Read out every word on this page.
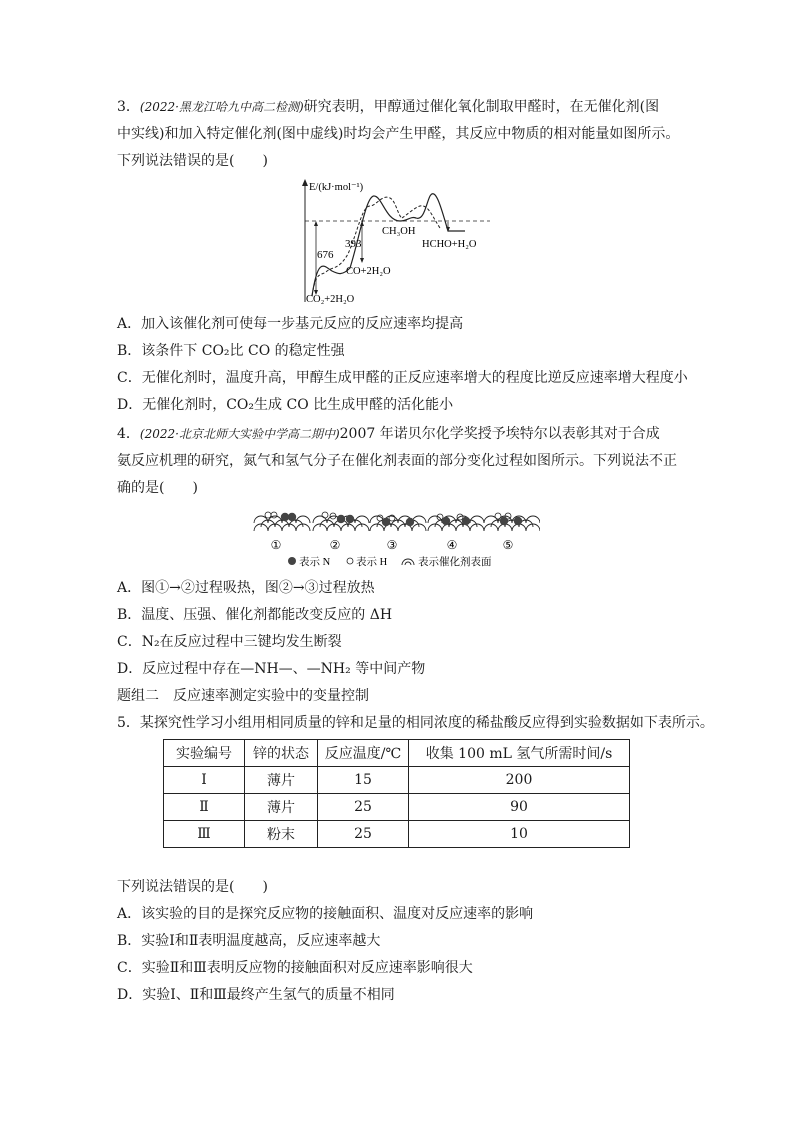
3．(2022·黑龙江哈九中高二检测)研究表明，甲醇通过催化氧化制取甲醛时，在无催化剂(图
中实线)和加入特定催化剂(图中虚线)时均会产生甲醛，其反应中物质的相对能量如图所示。
下列说法错误的是(　　)
E/(kJ·mol⁻¹)
676
393
CO+2H₂O
CO₂+2H₂O
CH₃OH
HCHO+H₂O
A．加入该催化剂可使每一步基元反应的反应速率均提高
B．该条件下 CO₂比 CO 的稳定性强
C．无催化剂时，温度升高，甲醇生成甲醛的正反应速率增大的程度比逆反应速率增大程度小
D．无催化剂时，CO₂生成 CO 比生成甲醛的活化能小
4．(2022·北京北师大实验中学高二期中)2007 年诺贝尔化学奖授予埃特尔以表彰其对于合成
氨反应机理的研究，氮气和氢气分子在催化剂表面的部分变化过程如图所示。下列说法不正
确的是(　　)
①	②	③	④	⑤
表示 N 表示 H	表示催化剂表面
A．图①→②过程吸热，图②→③过程放热
B．温度、压强、催化剂都能改变反应的 ΔH
C．N₂在反应过程中三键均发生断裂
D．反应过程中存在—NH—、—NH₂ 等中间产物
题组二　反应速率测定实验中的变量控制
5．某探究性学习小组用相同质量的锌和足量的相同浓度的稀盐酸反应得到实验数据如下表所示。
实验编号	锌的状态	反应温度/℃	收集 100 mL 氢气所需时间/s
Ⅰ	薄片	15	200
Ⅱ	薄片	25	90
Ⅲ	粉末	25	10
下列说法错误的是(　　)
A．该实验的目的是探究反应物的接触面积、温度对反应速率的影响
B．实验Ⅰ和Ⅱ表明温度越高，反应速率越大
C．实验Ⅱ和Ⅲ表明反应物的接触面积对反应速率影响很大
D．实验Ⅰ、Ⅱ和Ⅲ最终产生氢气的质量不相同
